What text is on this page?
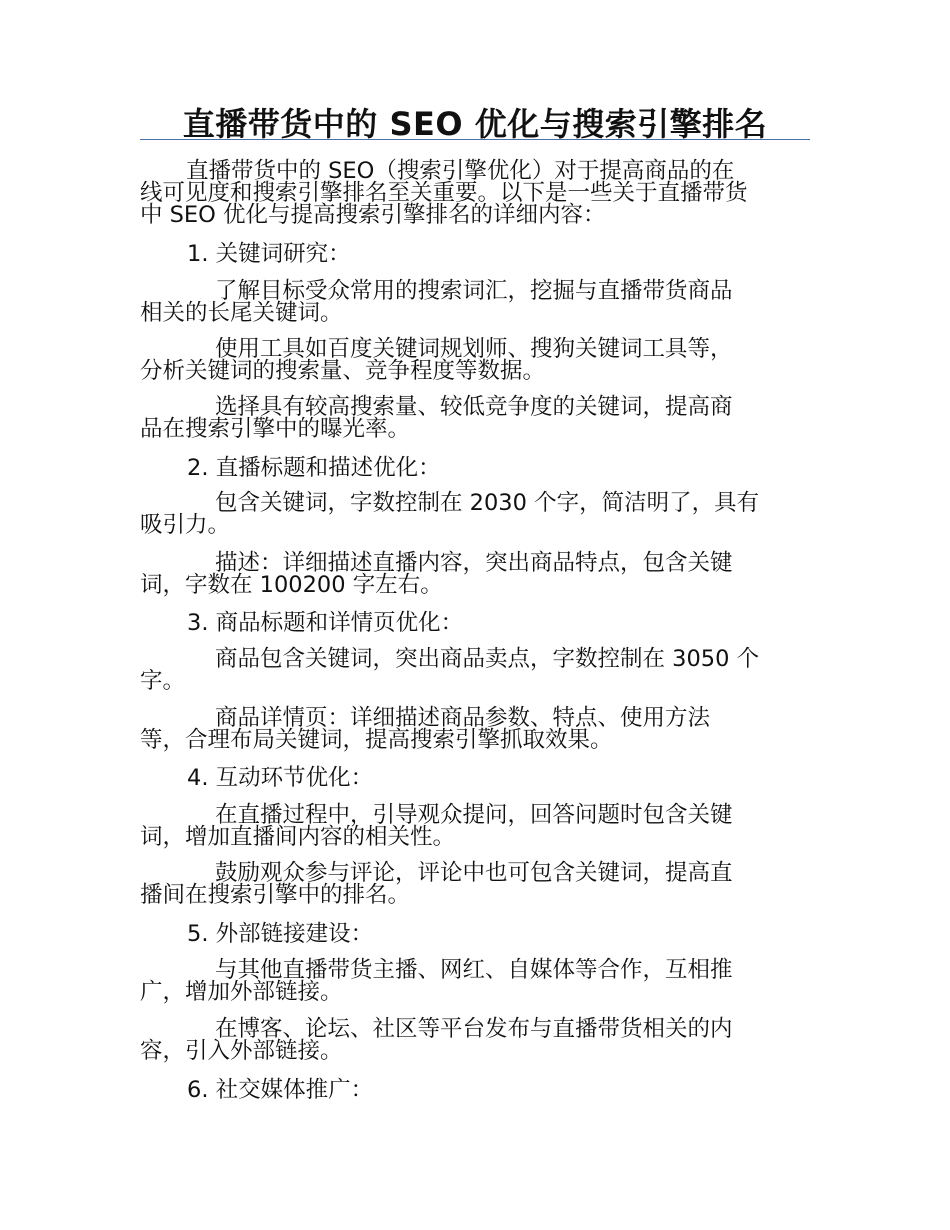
直播带货中的 SEO 优化与搜索引擎排名

直播带货中的 SEO（搜索引擎优化）对于提高商品的在
线可见度和搜索引擎排名至关重要。以下是一些关于直播带货
中 SEO 优化与提高搜索引擎排名的详细内容：

1. 关键词研究：

了解目标受众常用的搜索词汇，挖掘与直播带货商品
相关的长尾关键词。

使用工具如百度关键词规划师、搜狗关键词工具等，
分析关键词的搜索量、竞争程度等数据。

选择具有较高搜索量、较低竞争度的关键词，提高商
品在搜索引擎中的曝光率。

2. 直播标题和描述优化：

包含关键词，字数控制在 2030 个字，简洁明了，具有
吸引力。

描述：详细描述直播内容，突出商品特点，包含关键
词，字数在 100200 字左右。

3. 商品标题和详情页优化：

商品包含关键词，突出商品卖点，字数控制在 3050 个
字。

商品详情页：详细描述商品参数、特点、使用方法
等，合理布局关键词，提高搜索引擎抓取效果。

4. 互动环节优化：

在直播过程中，引导观众提问，回答问题时包含关键
词，增加直播间内容的相关性。

鼓励观众参与评论，评论中也可包含关键词，提高直
播间在搜索引擎中的排名。

5. 外部链接建设：

与其他直播带货主播、网红、自媒体等合作，互相推
广，增加外部链接。

在博客、论坛、社区等平台发布与直播带货相关的内
容，引入外部链接。

6. 社交媒体推广：
